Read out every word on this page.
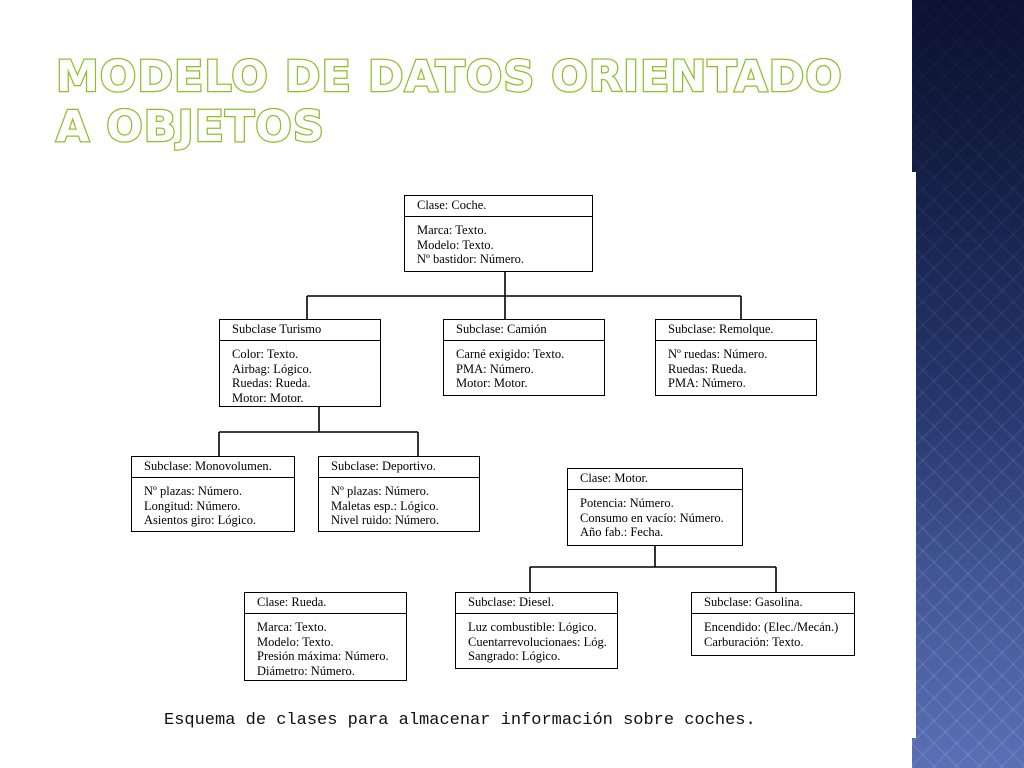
MODELO DE DATOS ORIENTADO A OBJETOS
Clase: Coche.
Marca: Texto.
Modelo: Texto.
Nº bastidor: Número.
Subclase Turismo
Color: Texto.
Airbag: Lógico.
Ruedas: Rueda.
Motor: Motor.
Subclase: Camión
Carné exigido: Texto.
PMA: Número.
Motor: Motor.
Subclase: Remolque.
Nº ruedas: Número.
Ruedas: Rueda.
PMA: Número.
Subclase: Monovolumen.
Nº plazas: Número.
Longitud: Número.
Asientos giro: Lógico.
Subclase: Deportivo.
Nº plazas: Número.
Maletas esp.: Lógico.
Nivel ruido: Número.
Clase: Motor.
Potencia: Número.
Consumo en vacío: Número.
Año fab.: Fecha.
Clase: Rueda.
Marca: Texto.
Modelo: Texto.
Presión máxima: Número.
Diámetro: Número.
Subclase: Diesel.
Luz combustible: Lógico.
Cuentarrevolucionaes: Lóg.
Sangrado: Lógico.
Subclase: Gasolina.
Encendido: (Elec./Mecán.)
Carburación: Texto.

Esquema de clases para almacenar información sobre coches.
